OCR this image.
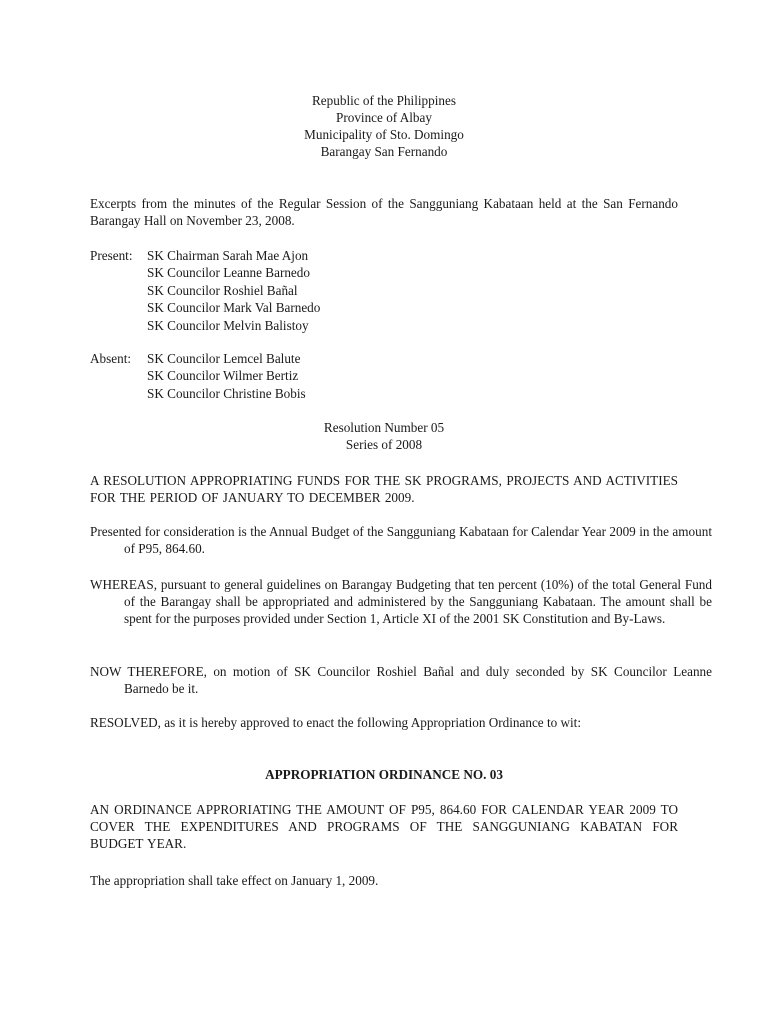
Republic of the Philippines
Province of Albay
Municipality of Sto. Domingo
Barangay San Fernando
Excerpts from the minutes of the Regular Session of the Sangguniang Kabataan held at the San Fernando Barangay Hall on November 23, 2008.
Present: SK Chairman Sarah Mae Ajon
SK Councilor Leanne Barnedo
SK Councilor Roshiel Bañal
SK Councilor Mark Val Barnedo
SK Councilor Melvin Balistoy
Absent: SK Councilor Lemcel Balute
SK Councilor Wilmer Bertiz
SK Councilor Christine Bobis
Resolution Number 05
Series of 2008
A RESOLUTION APPROPRIATING FUNDS FOR THE SK PROGRAMS, PROJECTS AND ACTIVITIES FOR THE PERIOD OF JANUARY TO DECEMBER 2009.
Presented for consideration is the Annual Budget of the Sangguniang Kabataan for Calendar Year 2009 in the amount of P95, 864.60.
WHEREAS, pursuant to general guidelines on Barangay Budgeting that ten percent (10%) of the total General Fund of the Barangay shall be appropriated and administered by the Sangguniang Kabataan. The amount shall be spent for the purposes provided under Section 1, Article XI of the 2001 SK Constitution and By-Laws.
NOW THEREFORE, on motion of SK Councilor Roshiel Bañal and duly seconded by SK Councilor Leanne Barnedo be it.
RESOLVED, as it is hereby approved to enact the following Appropriation Ordinance to wit:
APPROPRIATION ORDINANCE NO. 03
AN ORDINANCE APPRORIATING THE AMOUNT OF P95, 864.60 FOR CALENDAR YEAR 2009 TO COVER THE EXPENDITURES AND PROGRAMS OF THE SANGGUNIANG KABATAN FOR BUDGET YEAR.
The appropriation shall take effect on January 1, 2009.
